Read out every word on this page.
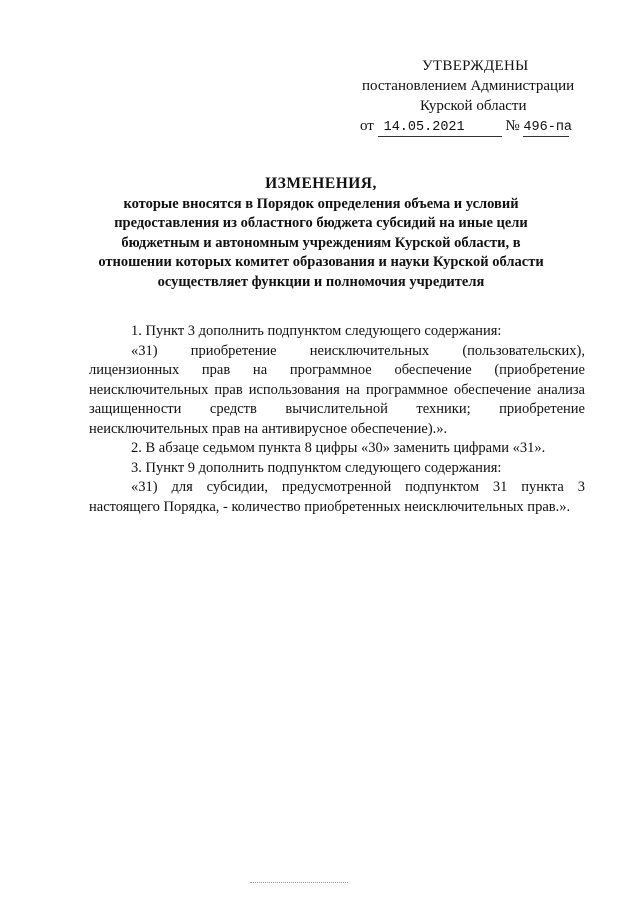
УТВЕРЖДЕНЫ
постановлением Администрации
Курской области
от 14.05.2021	№ 496-па
ИЗМЕНЕНИЯ,
которые вносятся в Порядок определения объема и условий
предоставления из областного бюджета субсидий на иные цели
бюджетным и автономным учреждениям Курской области, в
отношении которых комитет образования и науки Курской области
осуществляет функции и полномочия учредителя

1. Пункт 3 дополнить подпунктом следующего содержания:

«31) приобретение неисключительных (пользовательских), лицензионных прав на программное обеспечение (приобретение неисключительных прав использования на программное обеспечение анализа защищенности средств вычислительной техники; приобретение неисключительных прав на антивирусное обеспечение).».

2. В абзаце седьмом пункта 8 цифры «30» заменить цифрами «31».

3. Пункт 9 дополнить подпунктом следующего содержания:

«31) для субсидии, предусмотренной подпунктом 31 пункта 3 настоящего Порядка, - количество приобретенных неисключительных прав.».
